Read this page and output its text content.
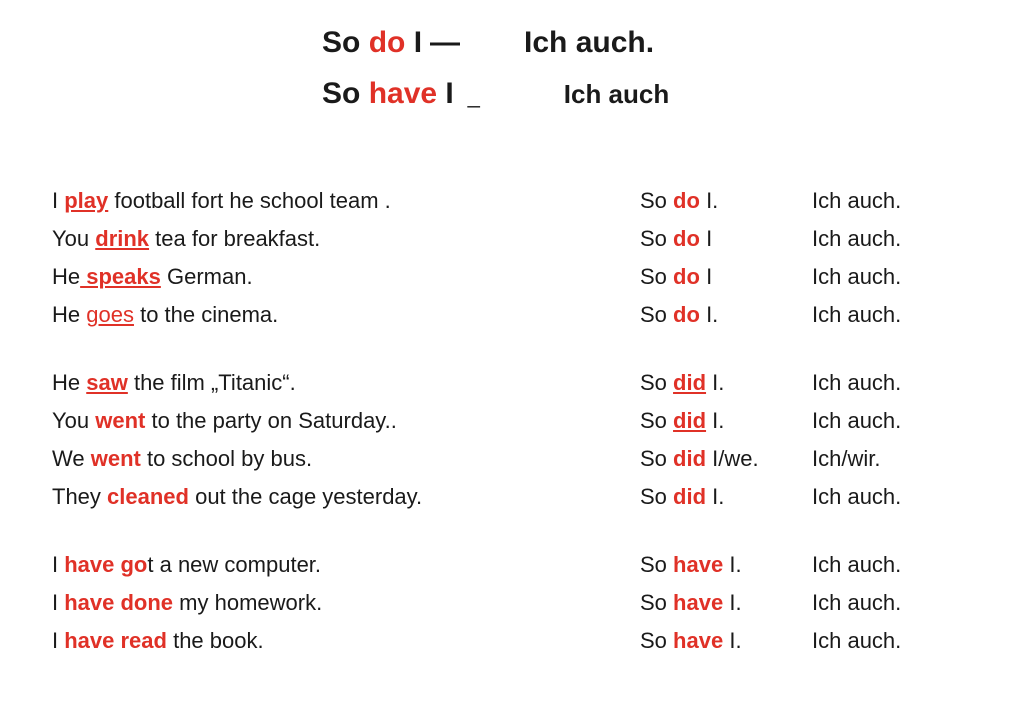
So
do
I — Ich auch.
So
have
I _	Ich auch
I play football fort he school team .	So do I.	Ich auch.
You drink tea for breakfast.	So do I	Ich auch.
He speaks German.	So do I	Ich auch.
He goes to the cinema.	So do I.	Ich auch.
He saw the film „Titanic“.	So did I.	Ich auch.
You went to the party on Saturday..	So did I.	Ich auch.
We went to school by bus.	So did I/we.	Ich/wir.
They cleaned out the cage yesterday.	So did I.	Ich auch.
I have got a new computer.	So have I.	Ich auch.
I have done my homework.	So have I.	Ich auch.
I have read the book.	So have I.	Ich auch.
